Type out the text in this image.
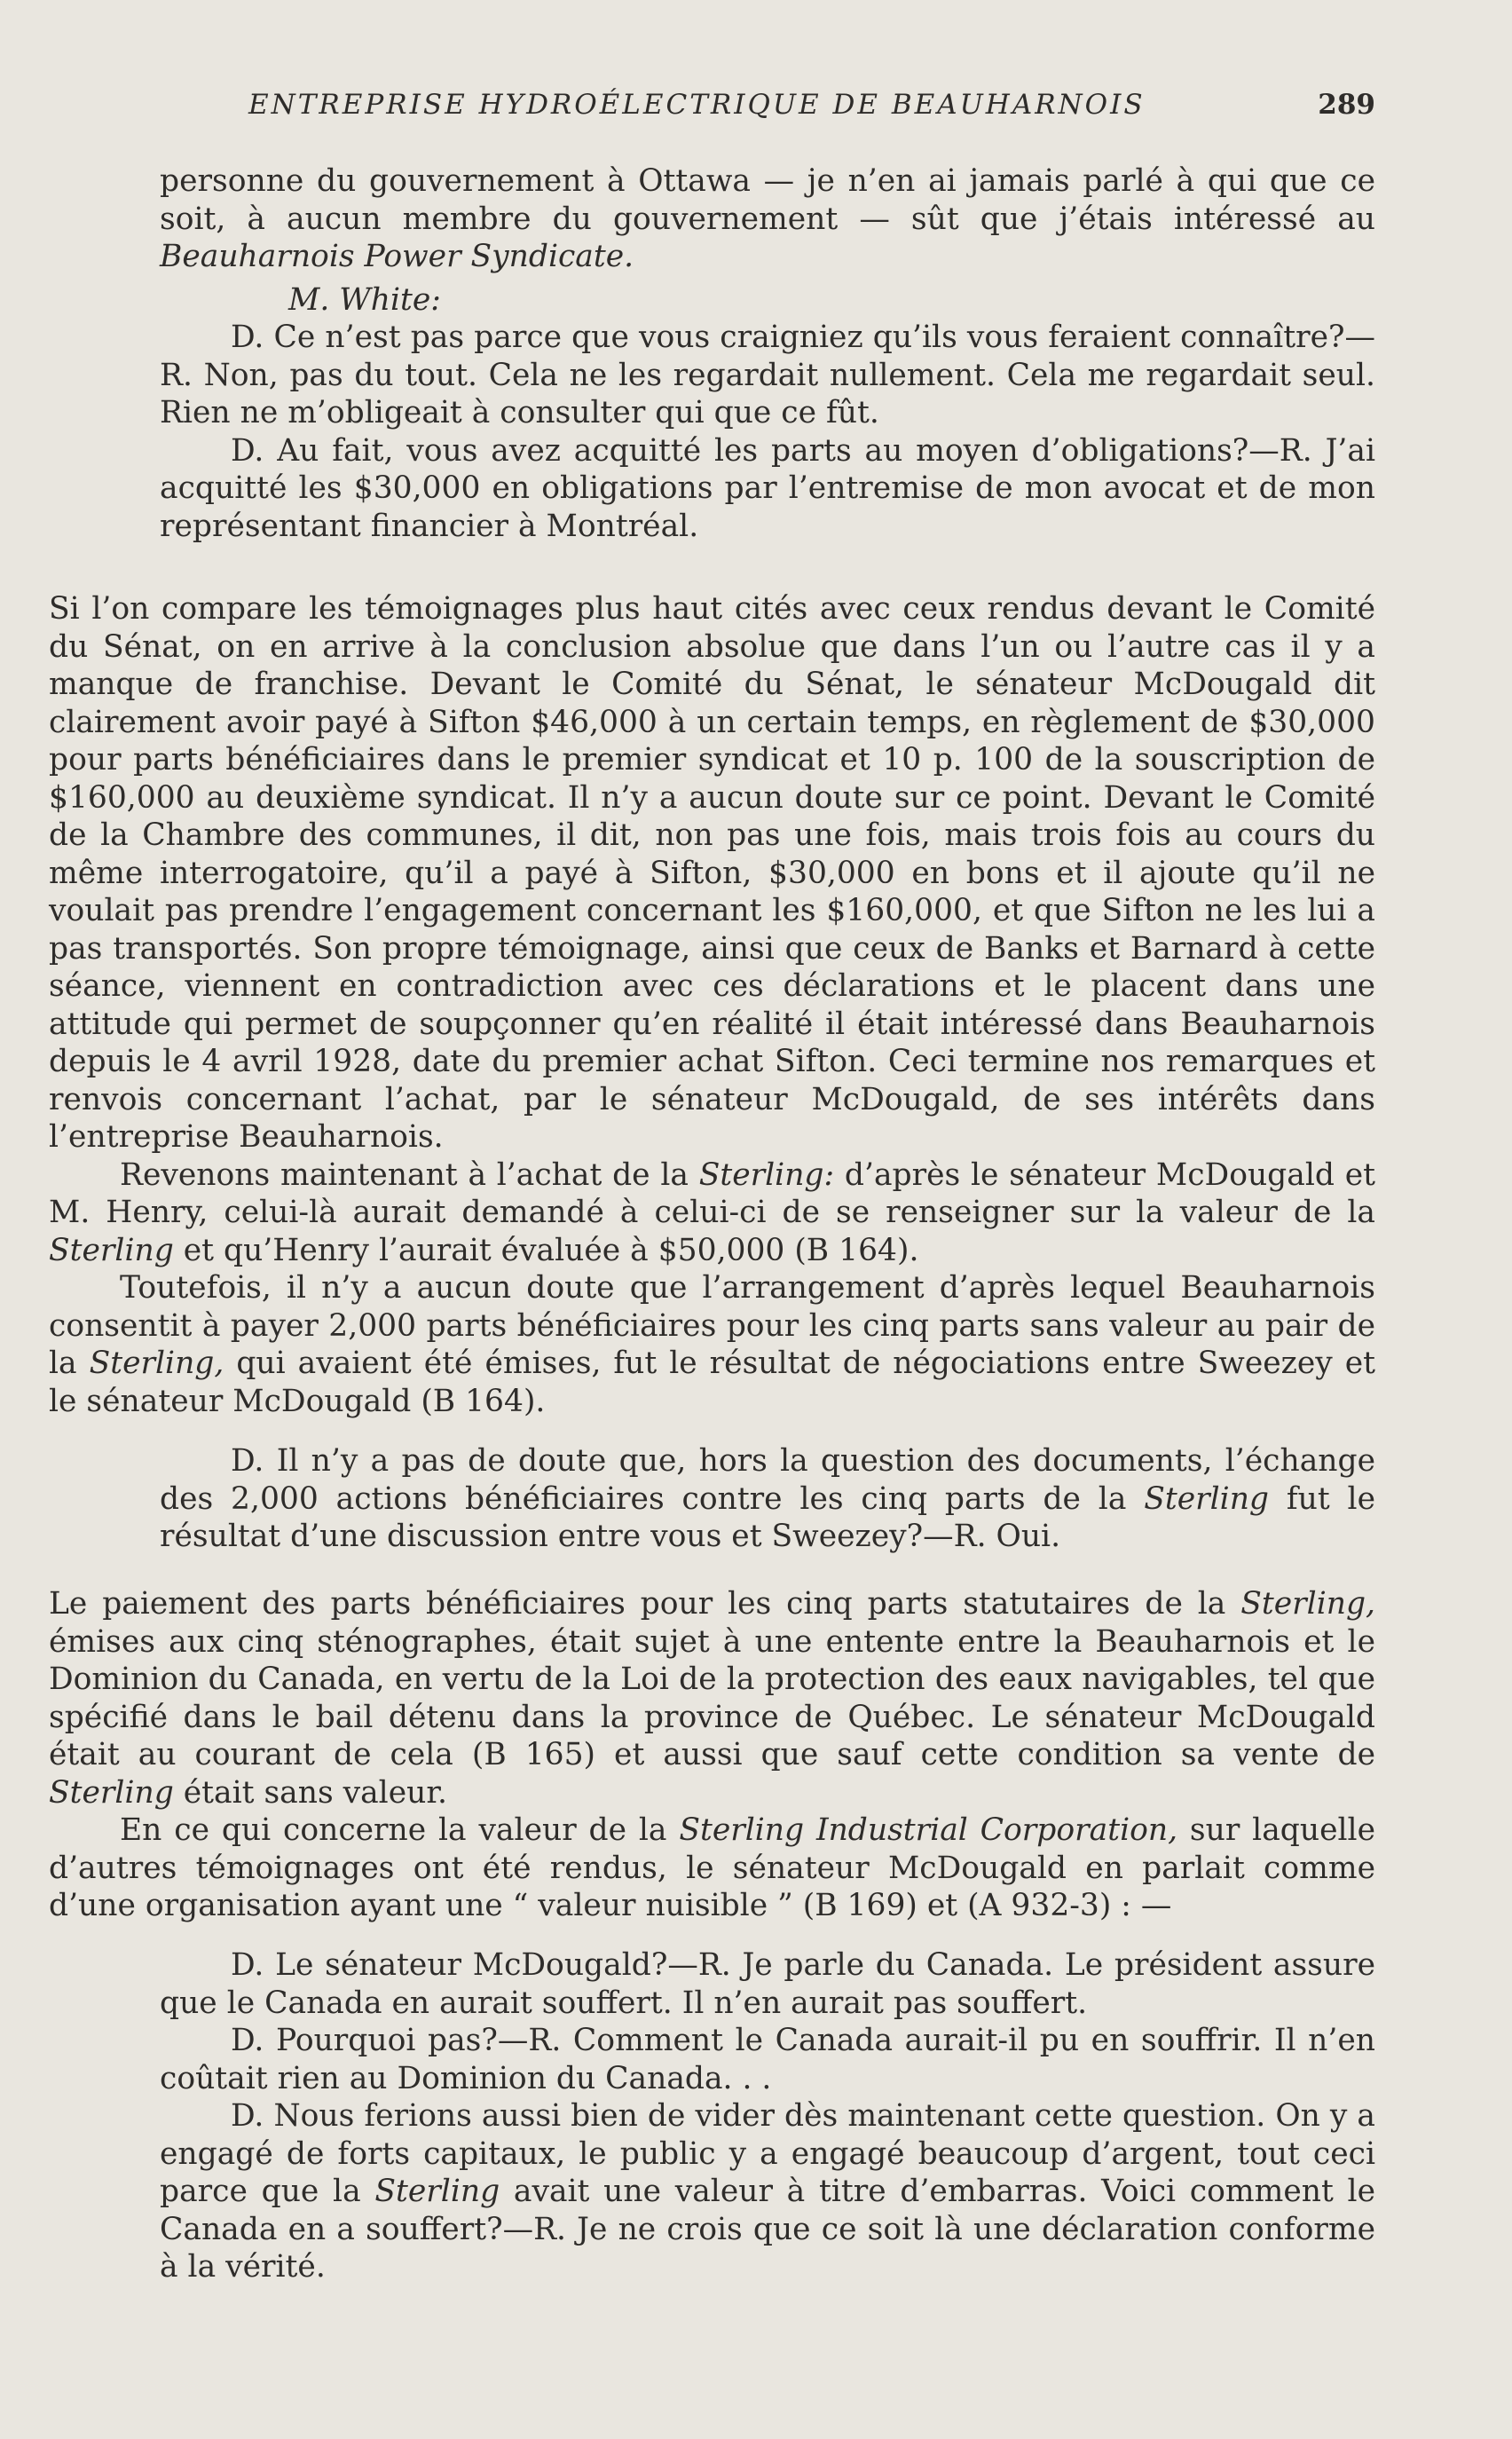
ENTREPRISE HYDROÉLECTRIQUE DE BEAUHARNOIS	289

personne du gouvernement à Ottawa — je n’en ai jamais parlé à qui que ce soit, à aucun membre du gouvernement — sût que j’étais intéressé au Beauharnois Power Syndicate.

M. White:

D. Ce n’est pas parce que vous craigniez qu’ils vous feraient connaître?—R. Non, pas du tout. Cela ne les regardait nullement. Cela me regardait seul. Rien ne m’obligeait à consulter qui que ce fût.

D. Au fait, vous avez acquitté les parts au moyen d’obligations?—R. J’ai acquitté les $30,000 en obligations par l’entremise de mon avocat et de mon représentant financier à Montréal.

Si l’on compare les témoignages plus haut cités avec ceux rendus devant le Comité du Sénat, on en arrive à la conclusion absolue que dans l’un ou l’autre cas il y a manque de franchise. Devant le Comité du Sénat, le sénateur McDougald dit clairement avoir payé à Sifton $46,000 à un certain temps, en règlement de $30,000 pour parts bénéficiaires dans le premier syndicat et 10 p. 100 de la souscription de $160,000 au deuxième syndicat. Il n’y a aucun doute sur ce point. Devant le Comité de la Chambre des communes, il dit, non pas une fois, mais trois fois au cours du même interrogatoire, qu’il a payé à Sifton, $30,000 en bons et il ajoute qu’il ne voulait pas prendre l’engagement concernant les $160,000, et que Sifton ne les lui a pas transportés. Son propre témoignage, ainsi que ceux de Banks et Barnard à cette séance, viennent en contradiction avec ces déclarations et le placent dans une attitude qui permet de soupçonner qu’en réalité il était intéressé dans Beauharnois depuis le 4 avril 1928, date du premier achat Sifton. Ceci termine nos remarques et renvois concernant l’achat, par le sénateur McDougald, de ses intérêts dans l’entreprise Beauharnois.

Revenons maintenant à l’achat de la Sterling: d’après le sénateur McDougald et M. Henry, celui-là aurait demandé à celui-ci de se renseigner sur la valeur de la Sterling et qu’Henry l’aurait évaluée à $50,000 (B 164).

Toutefois, il n’y a aucun doute que l’arrangement d’après lequel Beauharnois consentit à payer 2,000 parts bénéficiaires pour les cinq parts sans valeur au pair de la Sterling, qui avaient été émises, fut le résultat de négociations entre Sweezey et le sénateur McDougald (B 164).

D. Il n’y a pas de doute que, hors la question des documents, l’échange des 2,000 actions bénéficiaires contre les cinq parts de la Sterling fut le résultat d’une discussion entre vous et Sweezey?—R. Oui.

Le paiement des parts bénéficiaires pour les cinq parts statutaires de la Sterling, émises aux cinq sténographes, était sujet à une entente entre la Beauharnois et le Dominion du Canada, en vertu de la Loi de la protection des eaux navigables, tel que spécifié dans le bail détenu dans la province de Québec. Le sénateur McDougald était au courant de cela (B 165) et aussi que sauf cette condition sa vente de Sterling était sans valeur.

En ce qui concerne la valeur de la Sterling Industrial Corporation, sur laquelle d’autres témoignages ont été rendus, le sénateur McDougald en parlait comme d’une organisation ayant une “ valeur nuisible ” (B 169) et (A 932-3) : —

D. Le sénateur McDougald?—R. Je parle du Canada. Le président assure que le Canada en aurait souffert. Il n’en aurait pas souffert.

D. Pourquoi pas?—R. Comment le Canada aurait-il pu en souffrir. Il n’en coûtait rien au Dominion du Canada. . .

D. Nous ferions aussi bien de vider dès maintenant cette question. On y a engagé de forts capitaux, le public y a engagé beaucoup d’argent, tout ceci parce que la Sterling avait une valeur à titre d’embarras. Voici comment le Canada en a souffert?—R. Je ne crois que ce soit là une déclaration conforme à la vérité.
